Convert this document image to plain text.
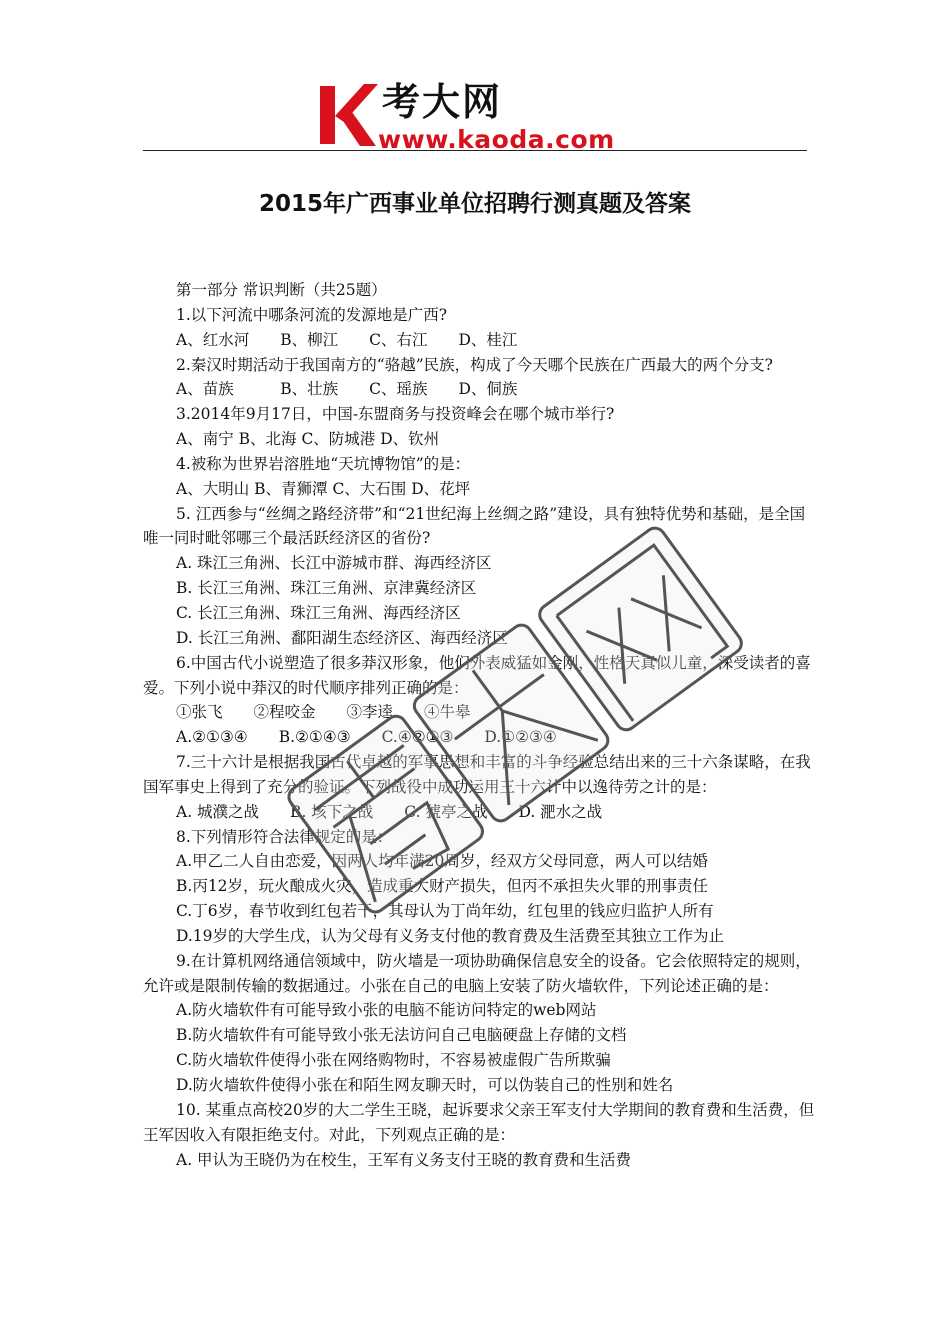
考大网
www.kaoda.com
2015年广西事业单位招聘行测真题及答案

第一部分 常识判断（共25题）

1.以下河流中哪条河流的发源地是广西?

A、红水河　　B、柳江　　C、右江　　D、桂江

2.秦汉时期活动于我国南方的“骆越”民族，构成了今天哪个民族在广西最大的两个分支?

A、苗族　　　B、壮族　　C、瑶族　　D、侗族

3.2014年9月17日，中国-东盟商务与投资峰会在哪个城市举行?

A、南宁 B、北海 C、防城港 D、钦州

4.被称为世界岩溶胜地“天坑博物馆”的是：

A、大明山 B、青狮潭 C、大石围 D、花坪

5. 江西参与“丝绸之路经济带”和“21世纪海上丝绸之路”建设，具有独特优势和基础，是全国唯一同时毗邻哪三个最活跃经济区的省份?

A. 珠江三角洲、长江中游城市群、海西经济区

B. 长江三角洲、珠江三角洲、京津冀经济区

C. 长江三角洲、珠江三角洲、海西经济区

D. 长江三角洲、鄱阳湖生态经济区、海西经济区

6.中国古代小说塑造了很多莽汉形象，他们外表威猛如金刚，性格天真似儿童，深受读者的喜爱。下列小说中莽汉的时代顺序排列正确的是：

①张飞　　②程咬金　　③李逵　　④牛皋

A.②①③④　　B.②①④③　　C.④②①③　　D.①②③④

7.三十六计是根据我国古代卓越的军事思想和丰富的斗争经验总结出来的三十六条谋略，在我国军事史上得到了充分的验证。下列战役中成功运用三十六计中以逸待劳之计的是：

A. 城濮之战　　B. 垓下之战　　C. 猇亭之战　　D. 淝水之战

8.下列情形符合法律规定的是：

A.甲乙二人自由恋爱，因两人均年满20周岁，经双方父母同意，两人可以结婚

B.丙12岁，玩火酿成火灾，造成重大财产损失，但丙不承担失火罪的刑事责任

C.丁6岁，春节收到红包若干，其母认为丁尚年幼，红包里的钱应归监护人所有

D.19岁的大学生戊，认为父母有义务支付他的教育费及生活费至其独立工作为止

9.在计算机网络通信领域中，防火墙是一项协助确保信息安全的设备。它会依照特定的规则，允许或是限制传输的数据通过。小张在自己的电脑上安装了防火墙软件，下列论述正确的是：

A.防火墙软件有可能导致小张的电脑不能访问特定的web网站

B.防火墙软件有可能导致小张无法访问自己电脑硬盘上存储的文档

C.防火墙软件使得小张在网络购物时，不容易被虚假广告所欺骗

D.防火墙软件使得小张在和陌生网友聊天时，可以伪装自己的性别和姓名

10. 某重点高校20岁的大二学生王晓，起诉要求父亲王军支付大学期间的教育费和生活费，但王军因收入有限拒绝支付。对此，下列观点正确的是：

A. 甲认为王晓仍为在校生，王军有义务支付王晓的教育费和生活费
